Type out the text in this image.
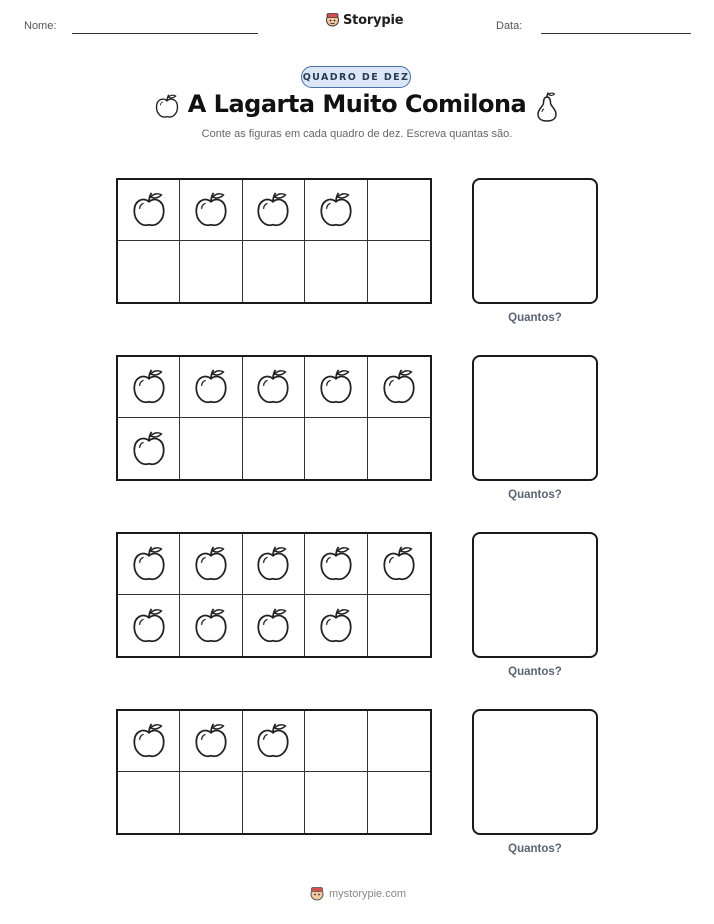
Nome:	Storypie	Data:
QUADRO DE DEZ
A Lagarta Muito Comilona
Conte as figuras em cada quadro de dez. Escreva quantas são.
Quantos?
Quantos?
Quantos?
Quantos?
mystorypie.com
